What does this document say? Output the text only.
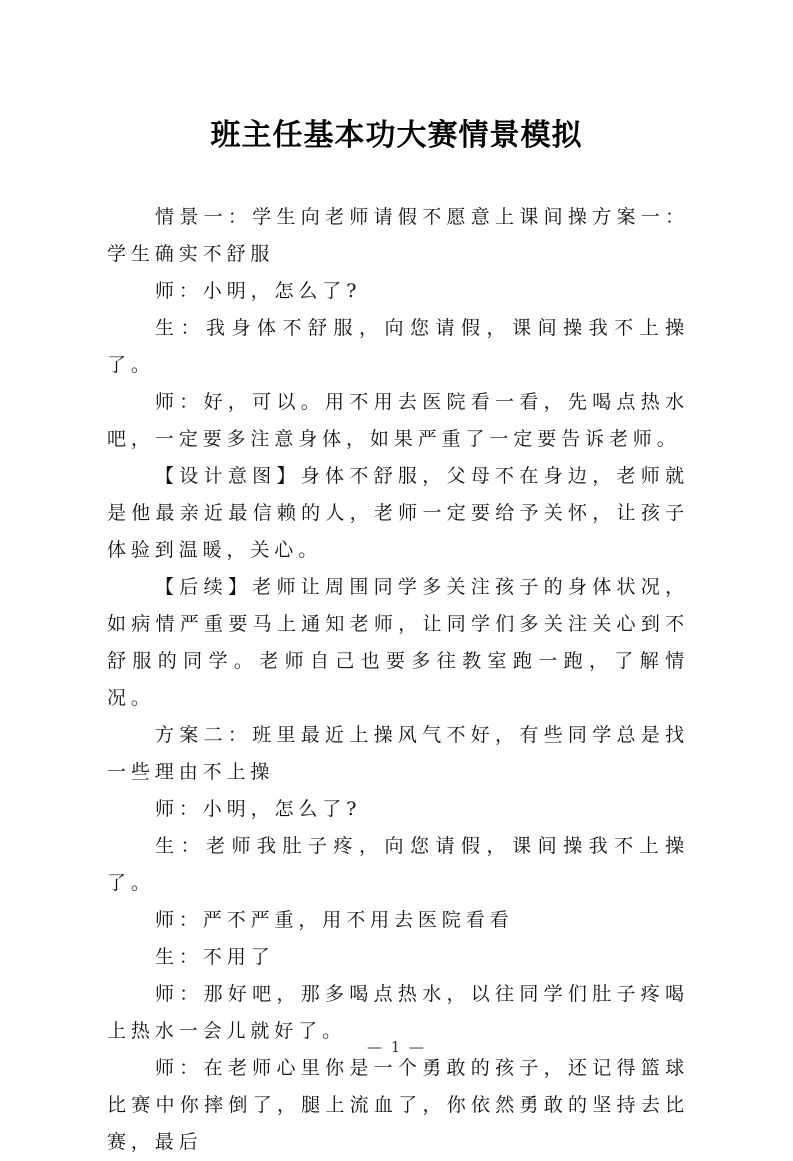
班主任基本功大赛情景模拟

情景一：学生向老师请假不愿意上课间操方案一：学生确实不舒服

师：小明，怎么了?

生：我身体不舒服，向您请假，课间操我不上操了。

师：好，可以。用不用去医院看一看，先喝点热水吧，一定要多注意身体，如果严重了一定要告诉老师。

【设计意图】身体不舒服，父母不在身边，老师就是他最亲近最信赖的人，老师一定要给予关怀，让孩子体验到温暖，关心。

【后续】老师让周围同学多关注孩子的身体状况，如病情严重要马上通知老师，让同学们多关注关心到不舒服的同学。老师自己也要多往教室跑一跑，了解情况。

方案二：班里最近上操风气不好，有些同学总是找一些理由不上操

师：小明，怎么了?

生：老师我肚子疼，向您请假，课间操我不上操了。

师：严不严重，用不用去医院看看

生：不用了

师：那好吧，那多喝点热水，以往同学们肚子疼喝上热水一会儿就好了。

师：在老师心里你是一个勇敢的孩子，还记得篮球比赛中你摔倒了，腿上流血了，你依然勇敢的坚持去比赛，最后

— 1 —
